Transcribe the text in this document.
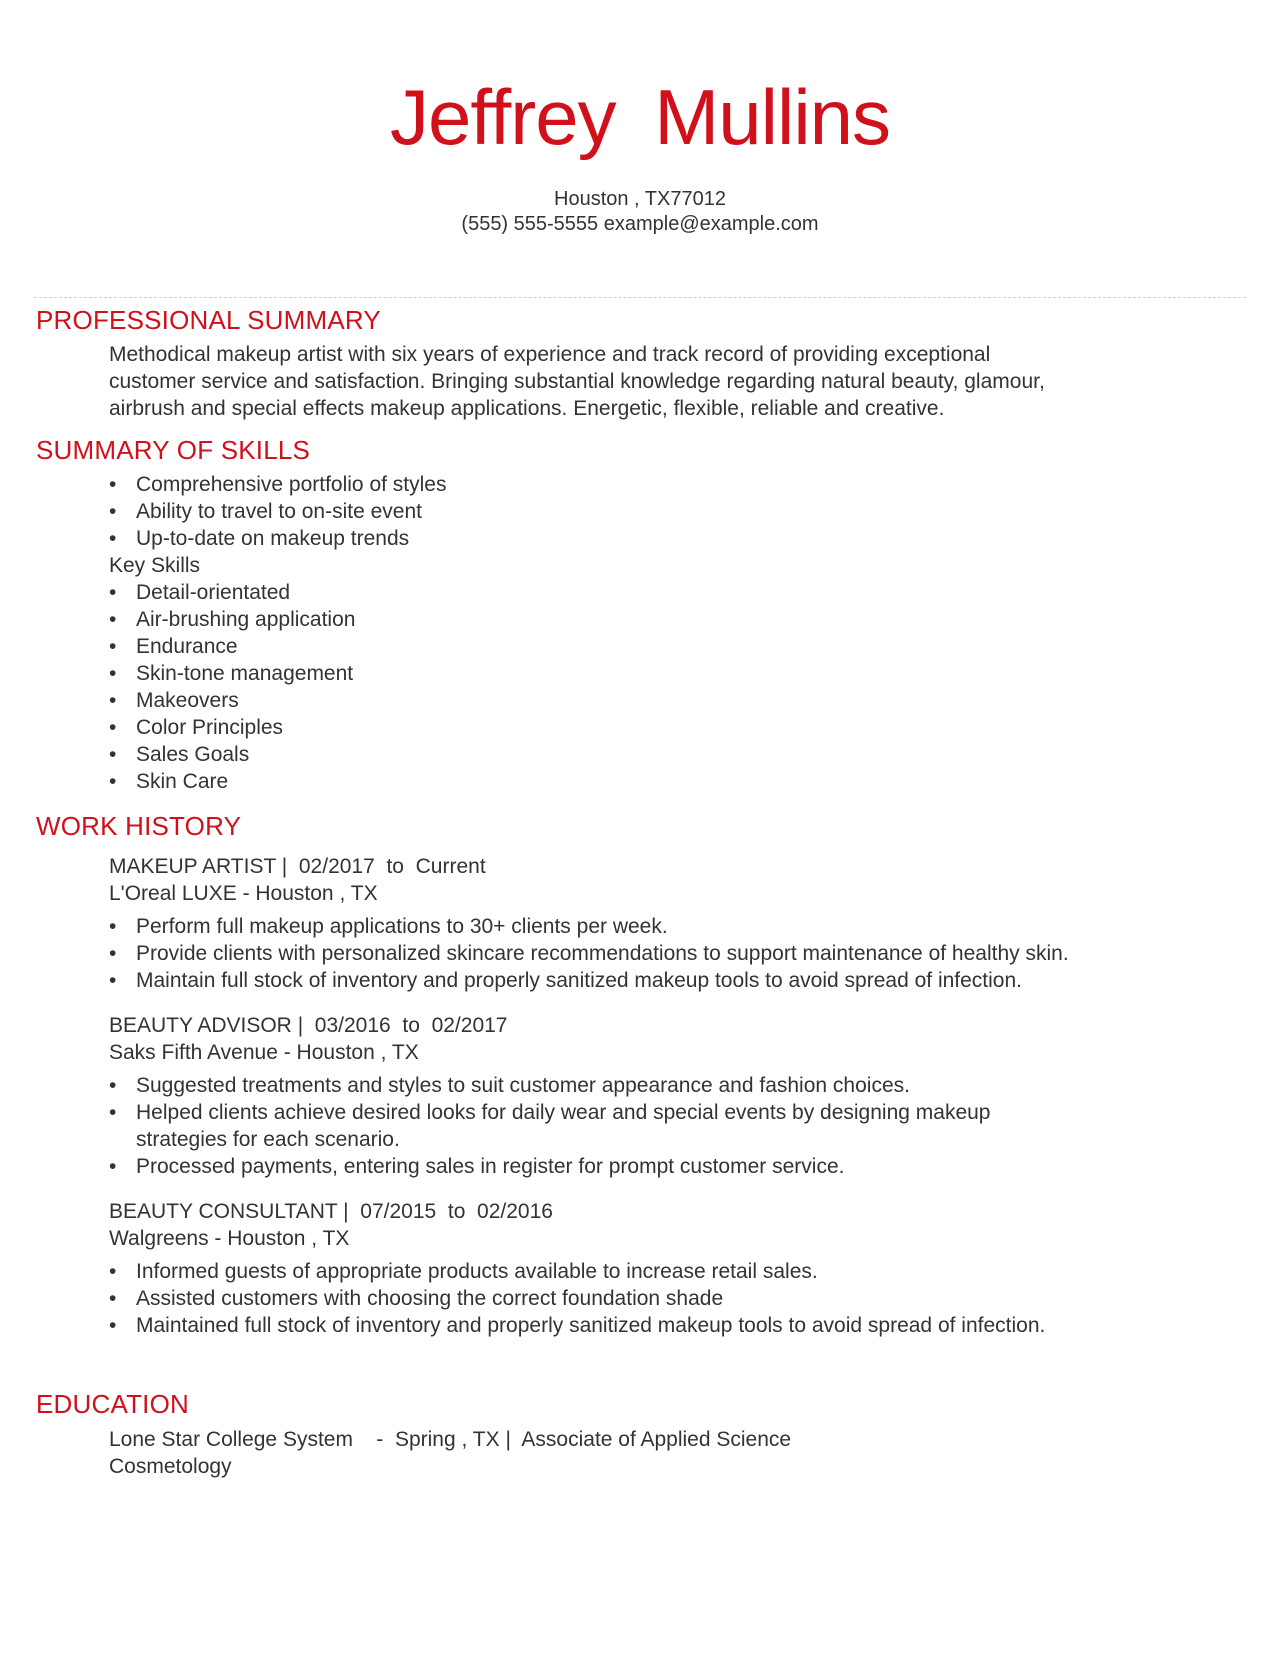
Jeffrey Mullins
Houston , TX77012
(555) 555-5555 example@example.com
PROFESSIONAL SUMMARY

Methodical makeup artist with six years of experience and track record of providing exceptional

customer service and satisfaction. Bringing substantial knowledge regarding natural beauty, glamour,

airbrush and special effects makeup applications. Energetic, flexible, reliable and creative.

SUMMARY OF SKILLS
• Comprehensive portfolio of styles
• Ability to travel to on-site event
• Up-to-date on makeup trends

Key Skills

• Detail-orientated
• Air-brushing application
• Endurance
• Skin-tone management
• Makeovers
• Color Principles
• Sales Goals
• Skin Care
WORK HISTORY
MAKEUP ARTIST |  02/2017  to  Current
L'Oreal LUXE - Houston , TX
• Perform full makeup applications to 30+ clients per week.
• Provide clients with personalized skincare recommendations to support maintenance of healthy skin.
• Maintain full stock of inventory and properly sanitized makeup tools to avoid spread of infection.
BEAUTY ADVISOR |  03/2016  to  02/2017
Saks Fifth Avenue - Houston , TX
• Suggested treatments and styles to suit customer appearance and fashion choices.
• Helped clients achieve desired looks for daily wear and special events by designing makeup strategies for each scenario.
• Processed payments, entering sales in register for prompt customer service.
BEAUTY CONSULTANT |  07/2015  to  02/2016
Walgreens - Houston , TX
• Informed guests of appropriate products available to increase retail sales.
• Assisted customers with choosing the correct foundation shade
• Maintained full stock of inventory and properly sanitized makeup tools to avoid spread of infection.
EDUCATION
Lone Star College System    -  Spring , TX |  Associate of Applied Science
Cosmetology
